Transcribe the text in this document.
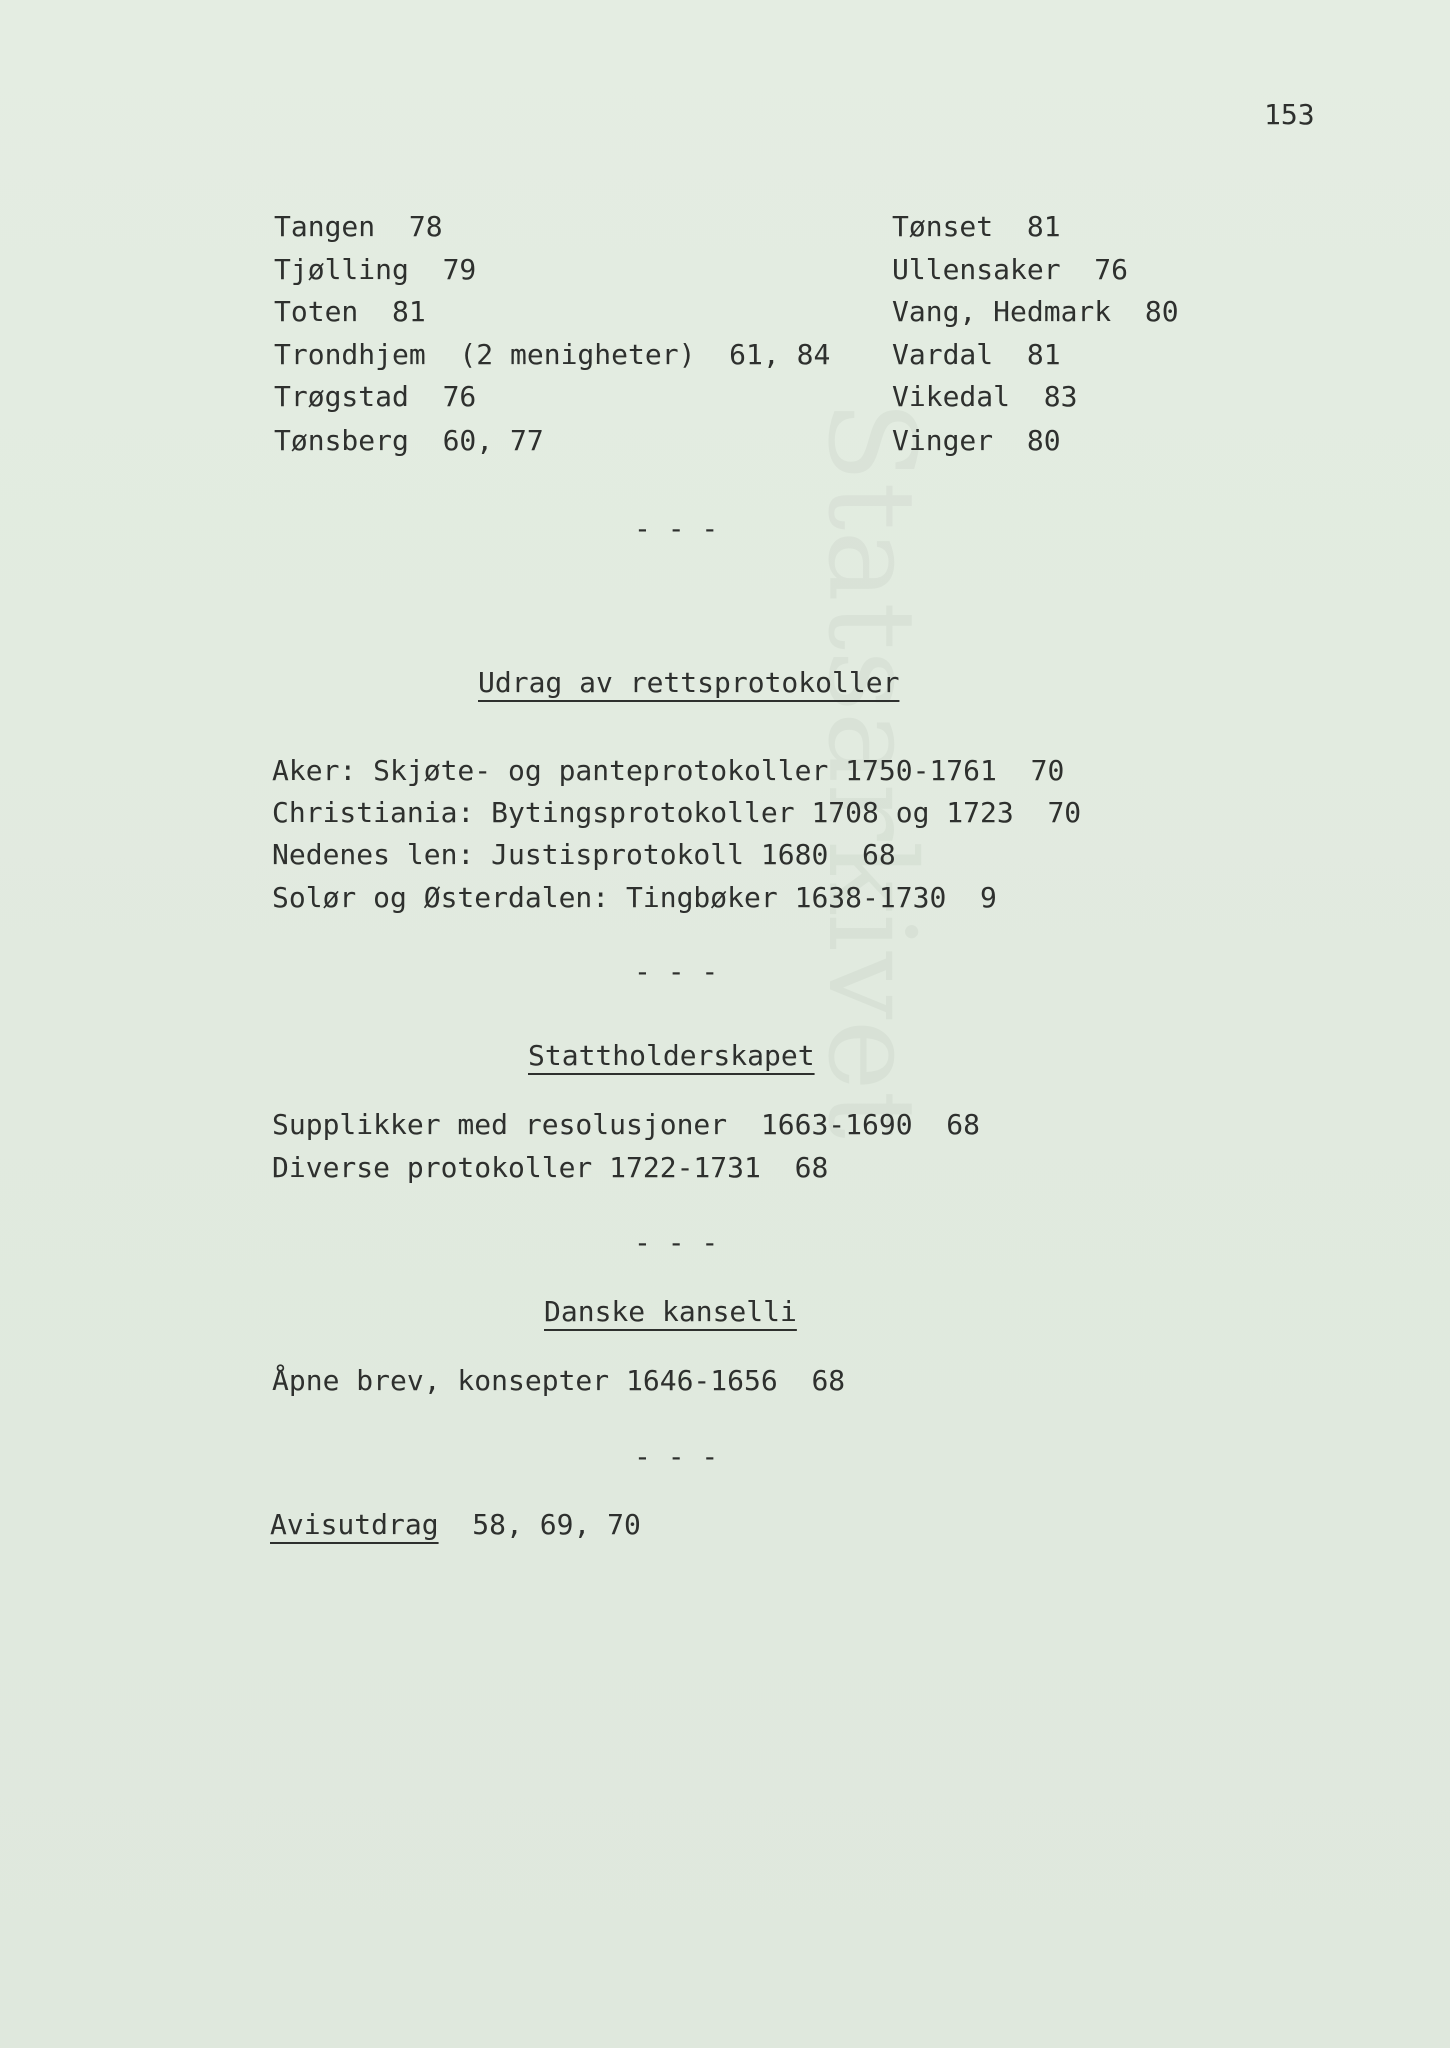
Statsarkivet
153
Tangen  78
Tjølling  79
Toten  81
Trondhjem  (2 menigheter)  61, 84
Trøgstad  76
Tønsberg  60, 77
Tønset  81
Ullensaker  76
Vang, Hedmark  80
Vardal  81
Vikedal  83
Vinger  80
- - -
Udrag av rettsprotokoller
Aker: Skjøte- og panteprotokoller 1750-1761  70
Christiania: Bytingsprotokoller 1708 og 1723  70
Nedenes len: Justisprotokoll 1680  68
Solør og Østerdalen: Tingbøker 1638-1730  9
- - -
Stattholderskapet
Supplikker med resolusjoner  1663-1690  68
Diverse protokoller 1722-1731  68
- - -
Danske kanselli
Åpne brev, konsepter 1646-1656  68
- - -
Avisutdrag  58, 69, 70
